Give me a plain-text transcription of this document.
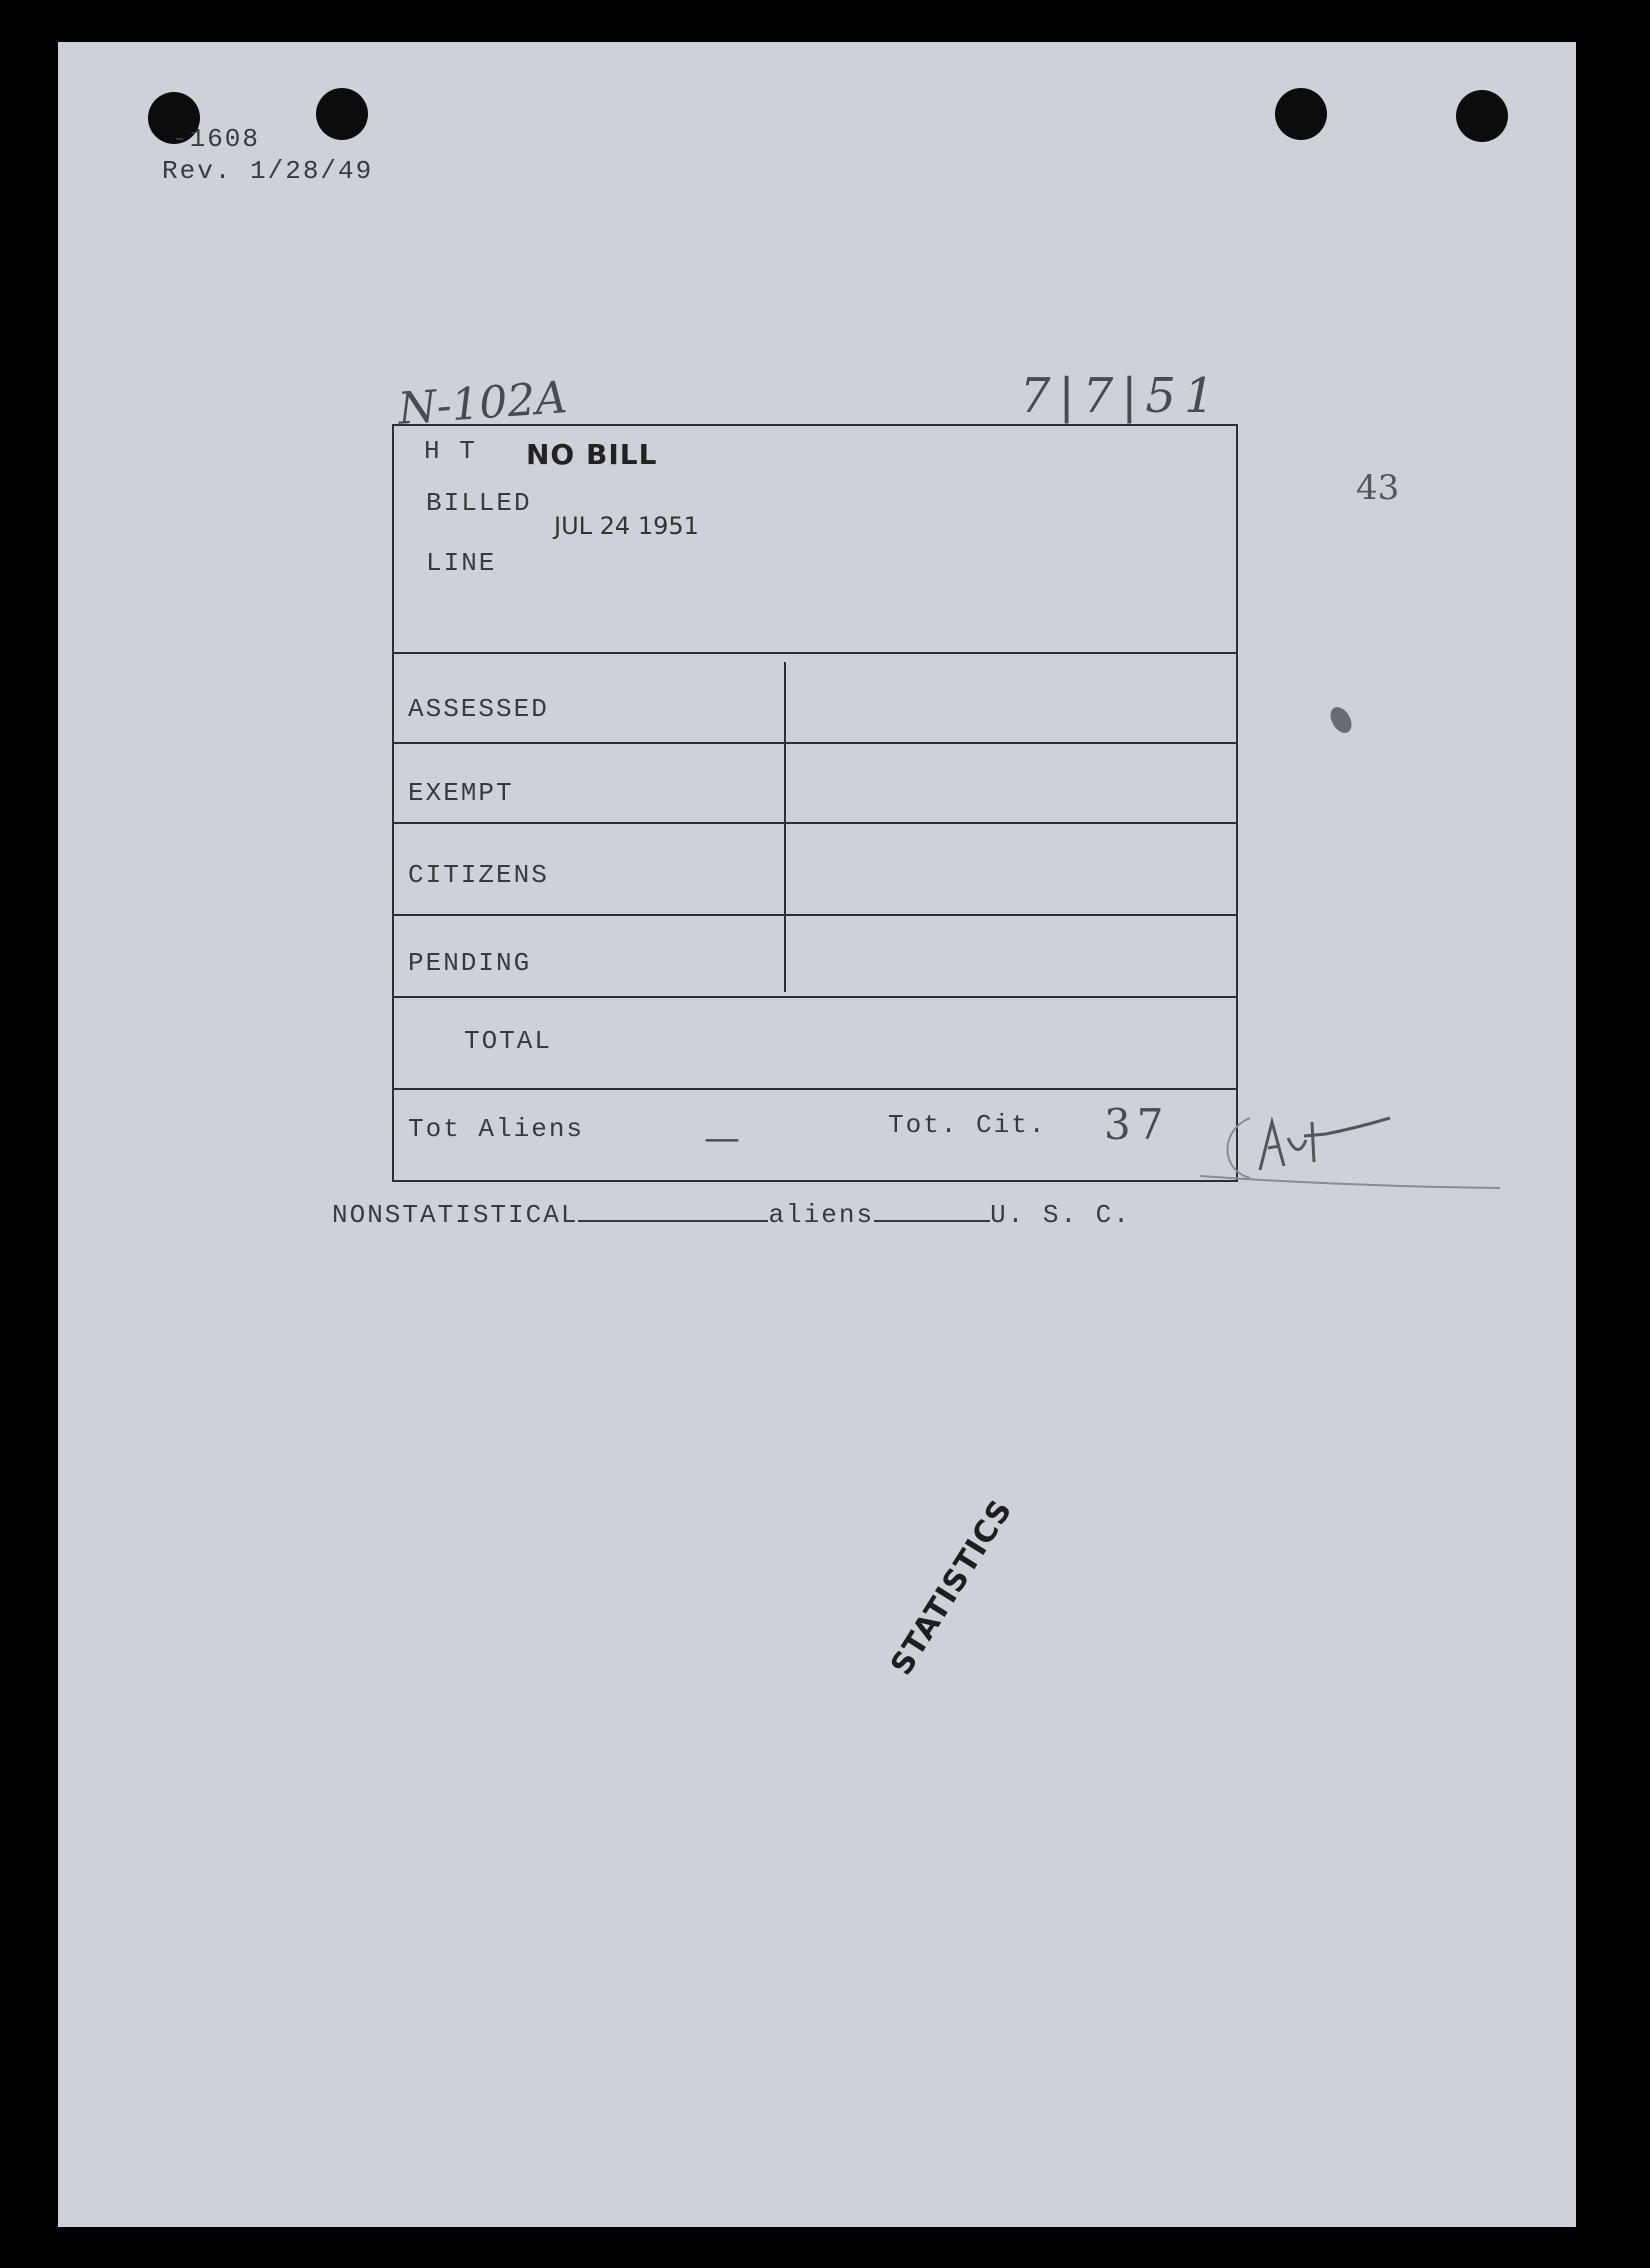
-1608
Rev. 1/28/49
N-102A	7|7|51
43
H T NO BILL
BILLED
JUL 24 1951
LINE
ASSESSED
EXEMPT
CITIZENS
PENDING
TOTAL
Tot Aliens	—	Tot. Cit. 37
NONSTATISTICAL	aliens	U. S. C.
STATISTICS
